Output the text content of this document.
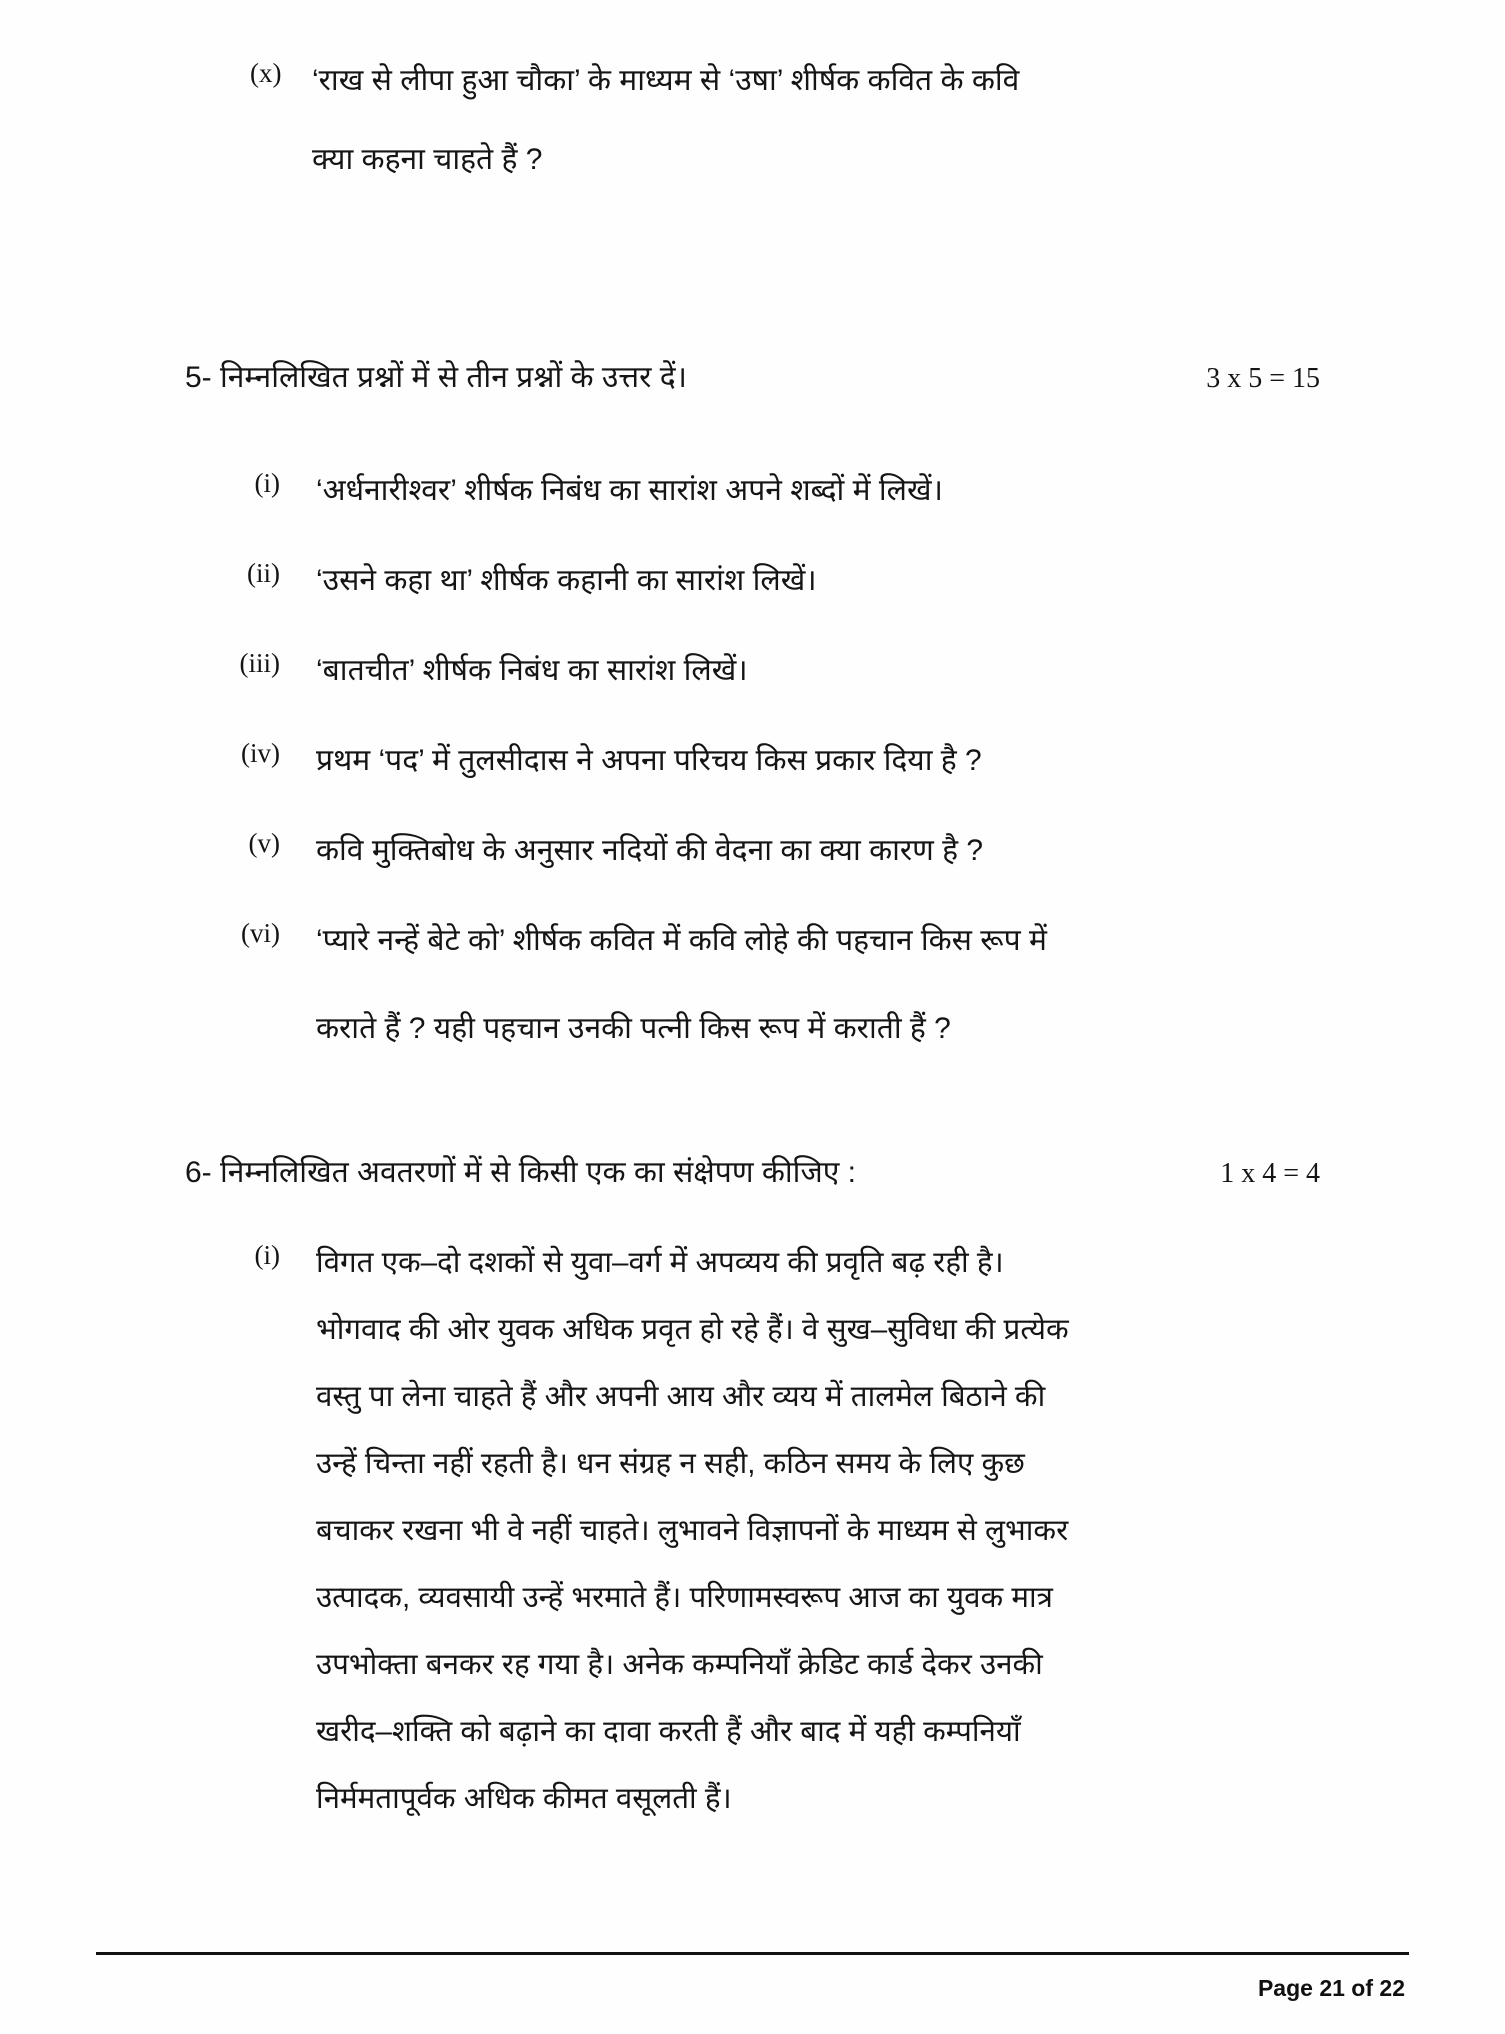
(x)	‘राख से लीपा हुआ चौका’ के माध्यम से ‘उषा’ शीर्षक कवित के कवि
क्या कहना चाहते हैं ?
5- निम्नलिखित प्रश्नों में से तीन प्रश्नों के उत्तर दें।	3 x 5 = 15
(i)	‘अर्धनारीश्वर’ शीर्षक निबंध का सारांश अपने शब्दों में लिखें।
(ii)	‘उसने कहा था’ शीर्षक कहानी का सारांश लिखें।
(iii)	‘बातचीत’ शीर्षक निबंध का सारांश लिखें।
(iv)	प्रथम ‘पद’ में तुलसीदास ने अपना परिचय किस प्रकार दिया है ?
(v)	कवि मुक्तिबोध के अनुसार नदियों की वेदना का क्या कारण है ?
(vi)	‘प्यारे नन्हें बेटे को’ शीर्षक कवित में कवि लोहे की पहचान किस रूप में
कराते हैं ? यही पहचान उनकी पत्नी किस रूप में कराती हैं ?
6- निम्नलिखित अवतरणों में से किसी एक का संक्षेपण कीजिए :	1 x 4 = 4
(i)	विगत एक–दो दशकों से युवा–वर्ग में अपव्यय की प्रवृति बढ़ रही है।
भोगवाद की ओर युवक अधिक प्रवृत हो रहे हैं। वे सुख–सुविधा की प्रत्येक
वस्तु पा लेना चाहते हैं और अपनी आय और व्यय में तालमेल बिठाने की
उन्हें चिन्ता नहीं रहती है। धन संग्रह न सही, कठिन समय के लिए कुछ
बचाकर रखना भी वे नहीं चाहते। लुभावने विज्ञापनों के माध्यम से लुभाकर
उत्पादक, व्यवसायी उन्हें भरमाते हैं। परिणामस्वरूप आज का युवक मात्र
उपभोक्ता बनकर रह गया है। अनेक कम्पनियाँ क्रेडिट कार्ड देकर उनकी
खरीद–शक्ति को बढ़ाने का दावा करती हैं और बाद में यही कम्पनियाँ
निर्ममतापूर्वक अधिक कीमत वसूलती हैं।
Page 21 of 22
